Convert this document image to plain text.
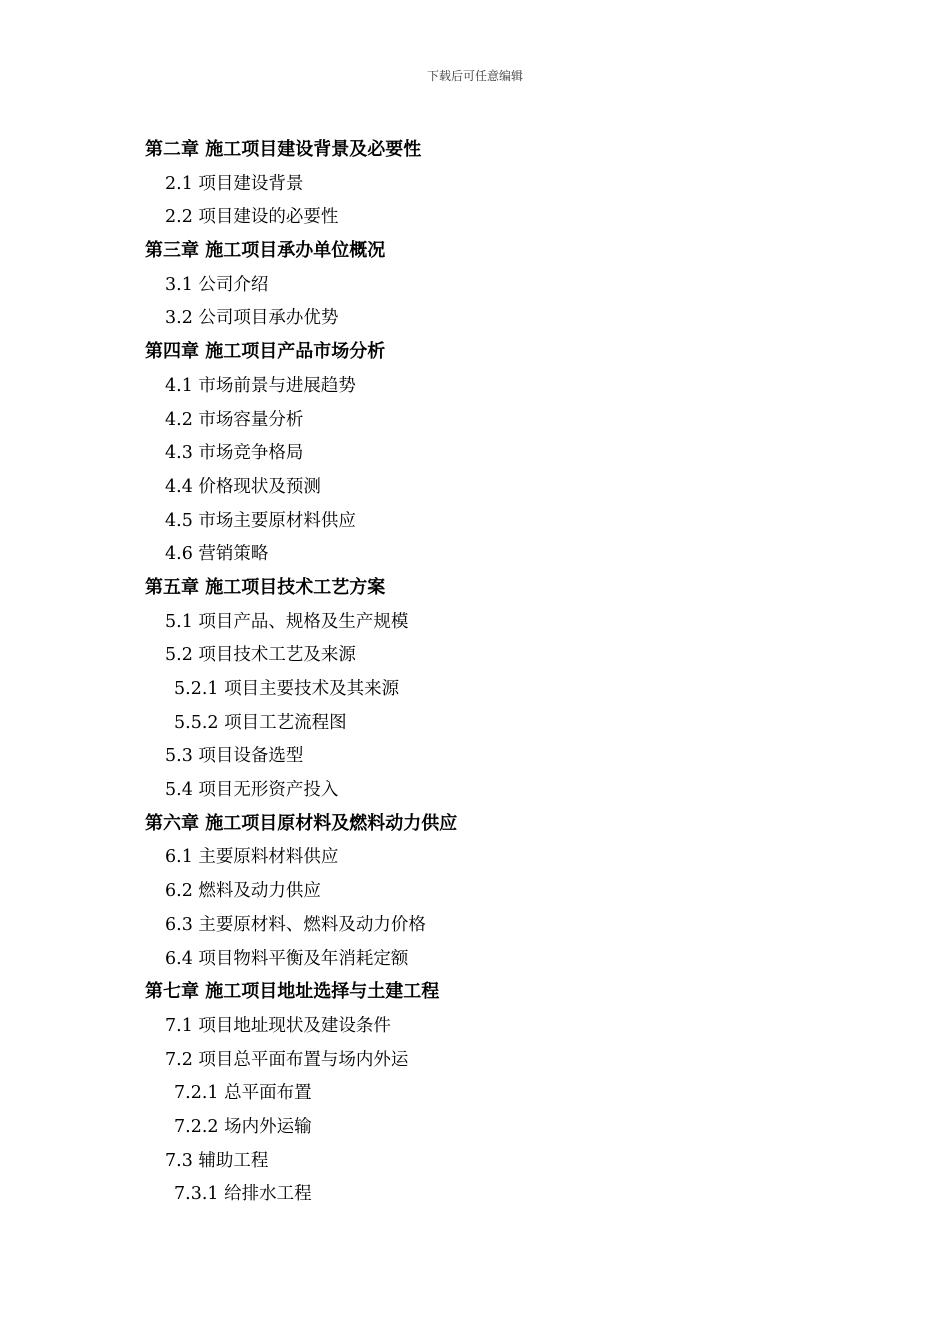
下载后可任意编辑
第二章 施工项目建设背景及必要性
2.1 项目建设背景
2.2 项目建设的必要性
第三章 施工项目承办单位概况
3.1 公司介绍
3.2 公司项目承办优势
第四章 施工项目产品市场分析
4.1 市场前景与进展趋势
4.2 市场容量分析
4.3 市场竞争格局
4.4 价格现状及预测
4.5 市场主要原材料供应
4.6 营销策略
第五章 施工项目技术工艺方案
5.1 项目产品、规格及生产规模
5.2 项目技术工艺及来源
5.2.1 项目主要技术及其来源
5.5.2 项目工艺流程图
5.3 项目设备选型
5.4 项目无形资产投入
第六章 施工项目原材料及燃料动力供应
6.1 主要原料材料供应
6.2 燃料及动力供应
6.3 主要原材料、燃料及动力价格
6.4 项目物料平衡及年消耗定额
第七章 施工项目地址选择与土建工程
7.1 项目地址现状及建设条件
7.2 项目总平面布置与场内外运
7.2.1 总平面布置
7.2.2 场内外运输
7.3 辅助工程
7.3.1 给排水工程
